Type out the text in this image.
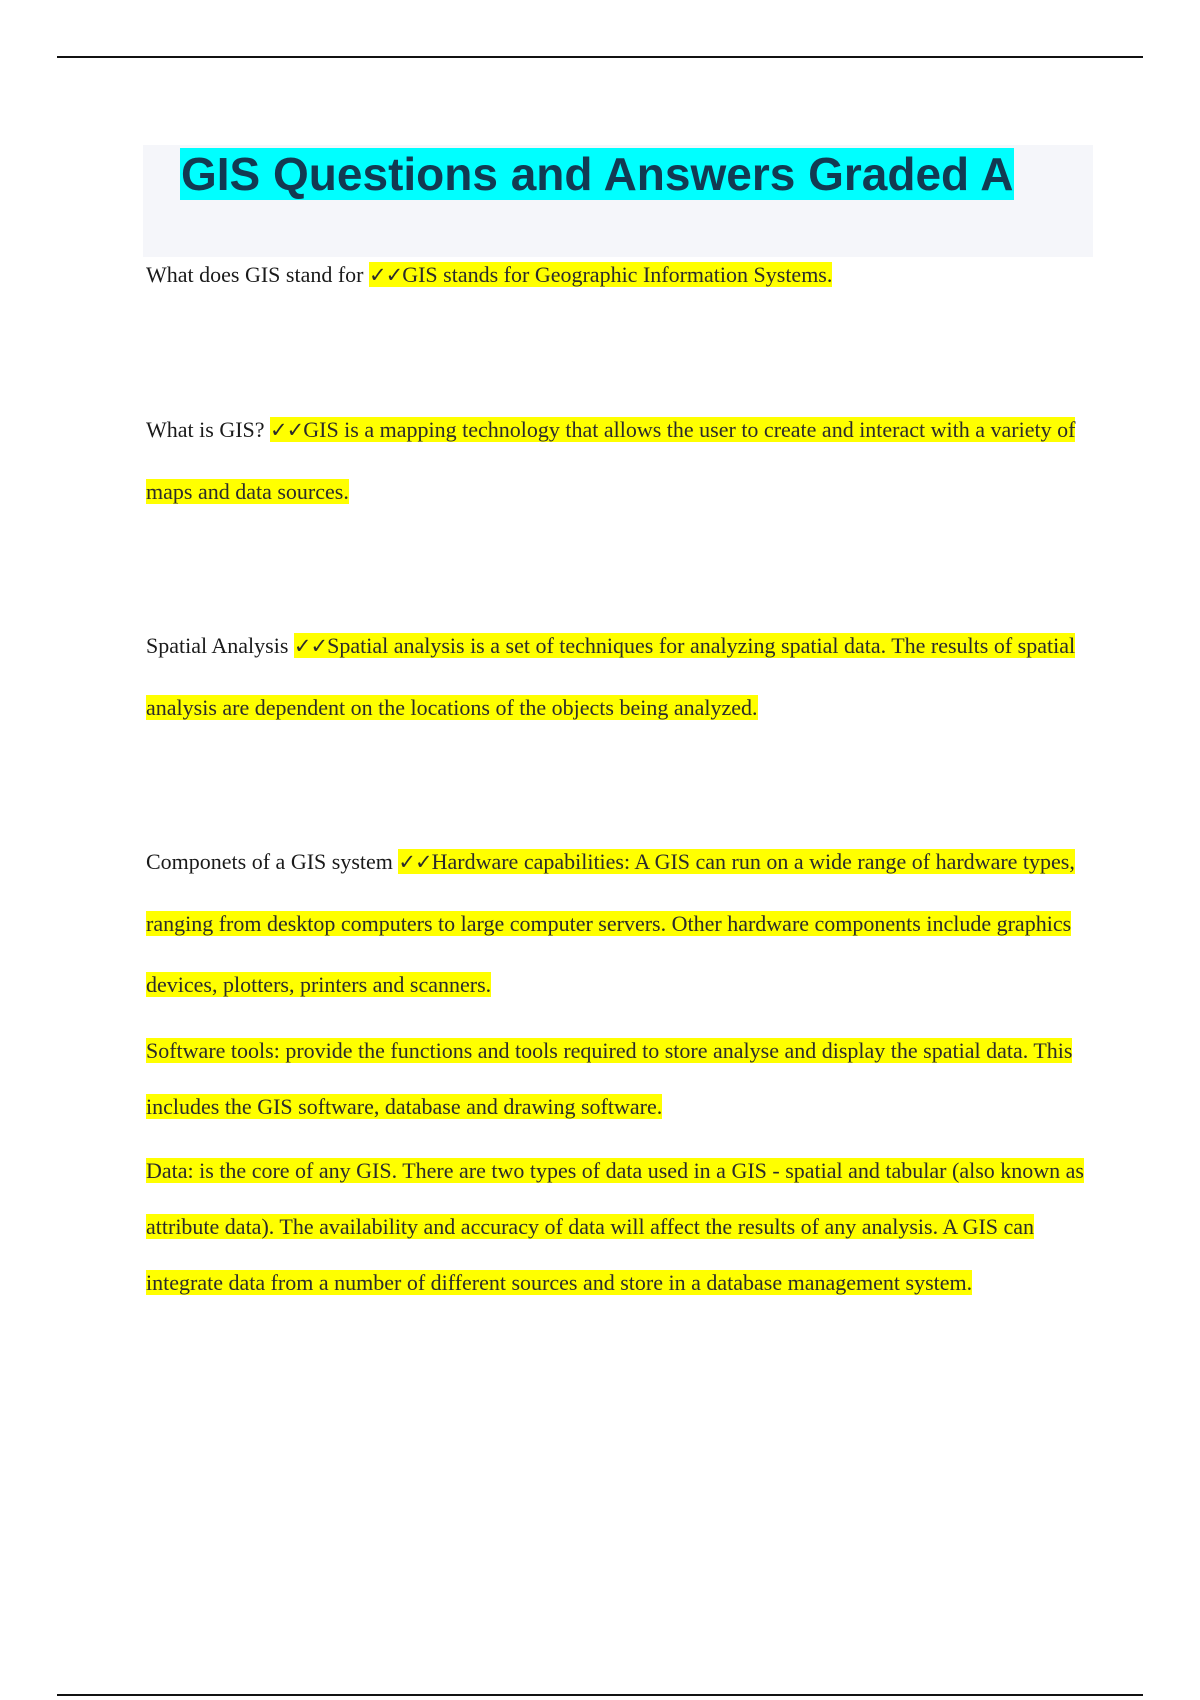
GIS Questions and Answers Graded A

What does GIS stand for ✓✓GIS stands for Geographic Information Systems.

What is GIS? ✓✓GIS is a mapping technology that allows the user to create and interact with a variety of maps and data sources.

Spatial Analysis ✓✓Spatial analysis is a set of techniques for analyzing spatial data. The results of spatial analysis are dependent on the locations of the objects being analyzed.

Componets of a GIS system ✓✓Hardware capabilities: A GIS can run on a wide range of hardware types, ranging from desktop computers to large computer servers. Other hardware components include graphics devices, plotters, printers and scanners.

Software tools: provide the functions and tools required to store analyse and display the spatial data. This includes the GIS software, database and drawing software.

Data: is the core of any GIS. There are two types of data used in a GIS - spatial and tabular (also known as attribute data). The availability and accuracy of data will affect the results of any analysis. A GIS can integrate data from a number of different sources and store in a database management system.
